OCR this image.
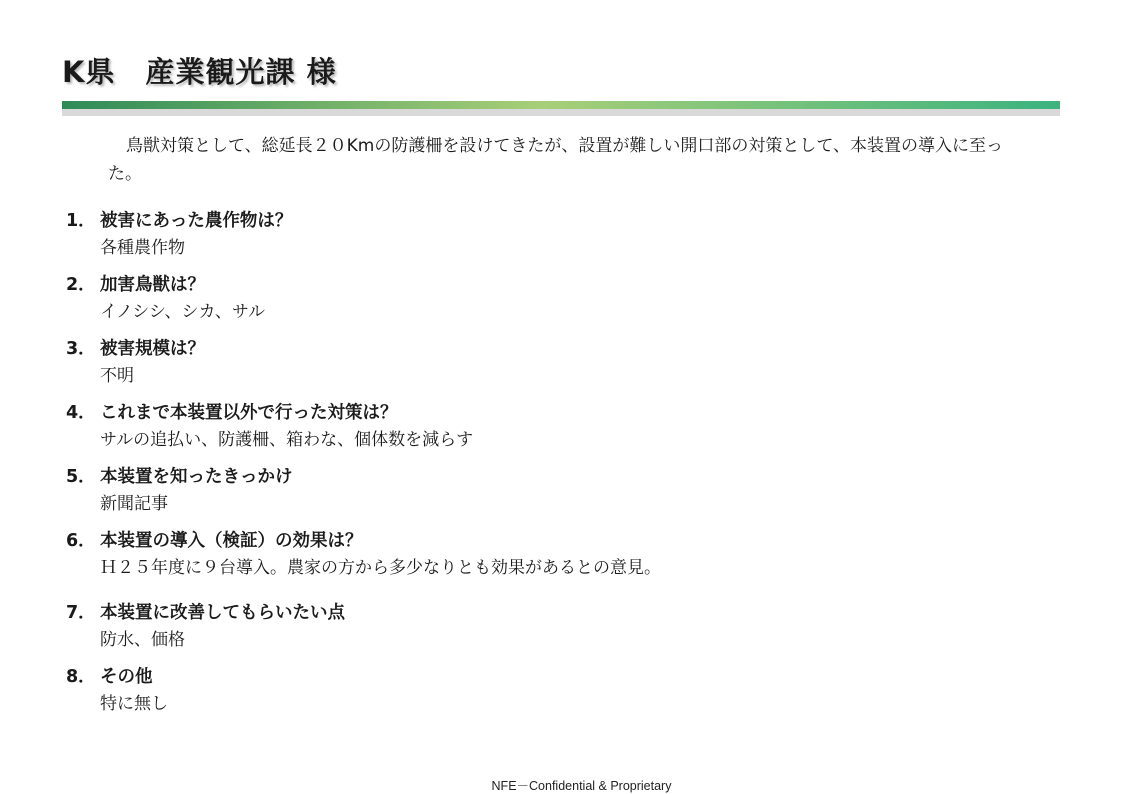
K県　産業観光課 様
鳥獣対策として、総延長２０Kmの防護柵を設けてきたが、設置が難しい開口部の対策として、本装置の導入に至った。
1． 被害にあった農作物は？
各種農作物
2． 加害鳥獣は？
イノシシ、シカ、サル
3． 被害規模は？
不明
4． これまで本装置以外で行った対策は？
サルの追払い、防護柵、箱わな、個体数を減らす
5． 本装置を知ったきっかけ
新聞記事
6． 本装置の導入（検証）の効果は？
Ｈ２５年度に９台導入。農家の方から多少なりとも効果があるとの意見。
7． 本装置に改善してもらいたい点
防水、価格
8． その他
特に無し
NFE－Confidential & Proprietary
